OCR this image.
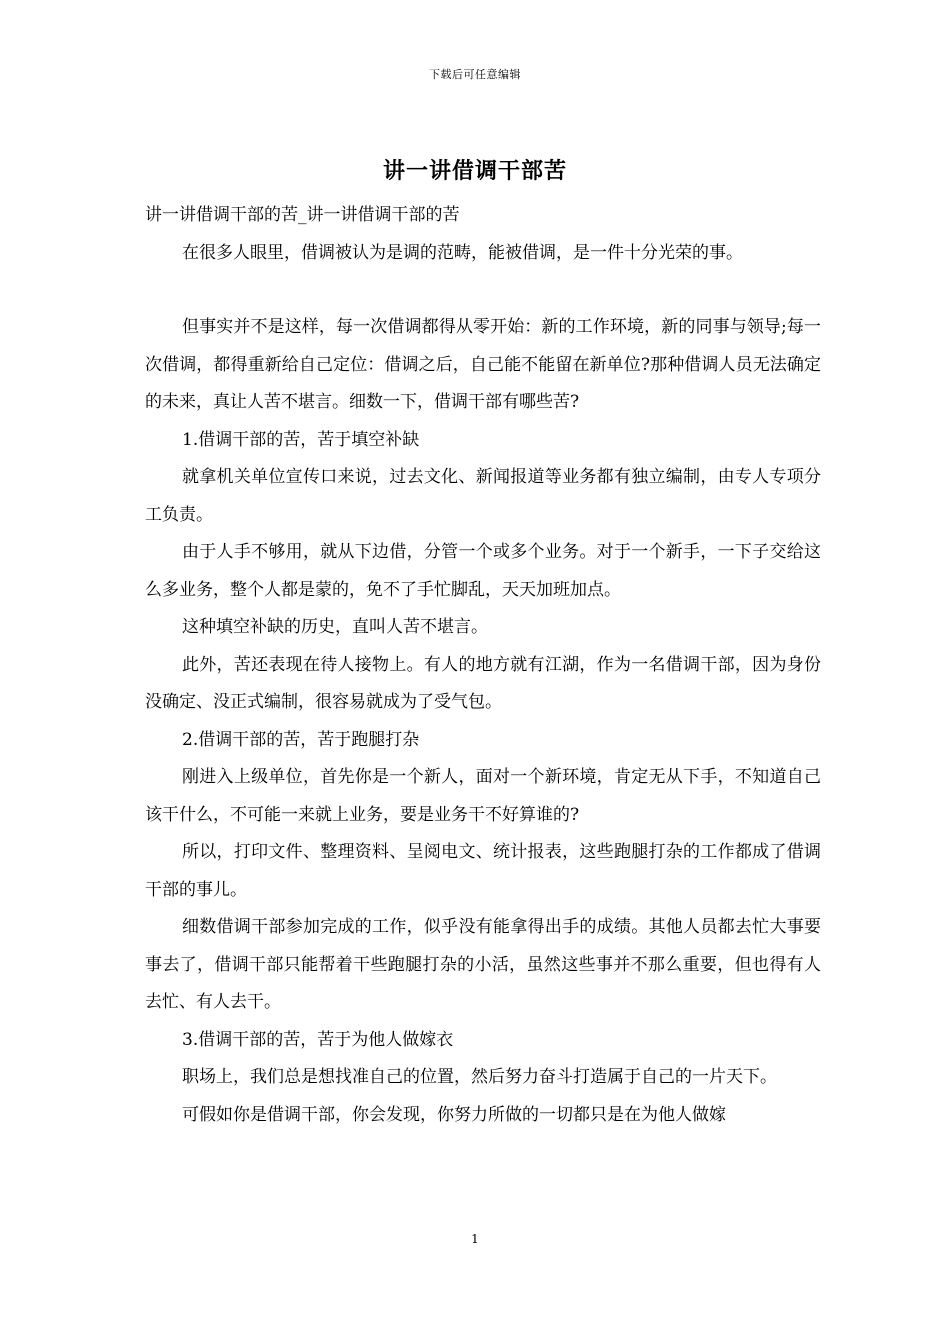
下载后可任意编辑
讲一讲借调干部苦

讲一讲借调干部的苦_讲一讲借调干部的苦

在很多人眼里，借调被认为是调的范畴，能被借调，是一件十分光荣的事。

但事实并不是这样，每一次借调都得从零开始：新的工作环境，新的同事与领导;每一次借调，都得重新给自己定位：借调之后，自己能不能留在新单位?那种借调人员无法确定的未来，真让人苦不堪言。细数一下，借调干部有哪些苦?

1.借调干部的苦，苦于填空补缺

就拿机关单位宣传口来说，过去文化、新闻报道等业务都有独立编制，由专人专项分工负责。

由于人手不够用，就从下边借，分管一个或多个业务。对于一个新手，一下子交给这么多业务，整个人都是蒙的，免不了手忙脚乱，天天加班加点。

这种填空补缺的历史，直叫人苦不堪言。

此外，苦还表现在待人接物上。有人的地方就有江湖，作为一名借调干部，因为身份没确定、没正式编制，很容易就成为了受气包。

2.借调干部的苦，苦于跑腿打杂

刚进入上级单位，首先你是一个新人，面对一个新环境，肯定无从下手，不知道自己该干什么，不可能一来就上业务，要是业务干不好算谁的?

所以，打印文件、整理资料、呈阅电文、统计报表，这些跑腿打杂的工作都成了借调干部的事儿。

细数借调干部参加完成的工作，似乎没有能拿得出手的成绩。其他人员都去忙大事要事去了，借调干部只能帮着干些跑腿打杂的小活，虽然这些事并不那么重要，但也得有人去忙、有人去干。

3.借调干部的苦，苦于为他人做嫁衣

职场上，我们总是想找准自己的位置，然后努力奋斗打造属于自己的一片天下。

可假如你是借调干部，你会发现，你努力所做的一切都只是在为他人做嫁

1
